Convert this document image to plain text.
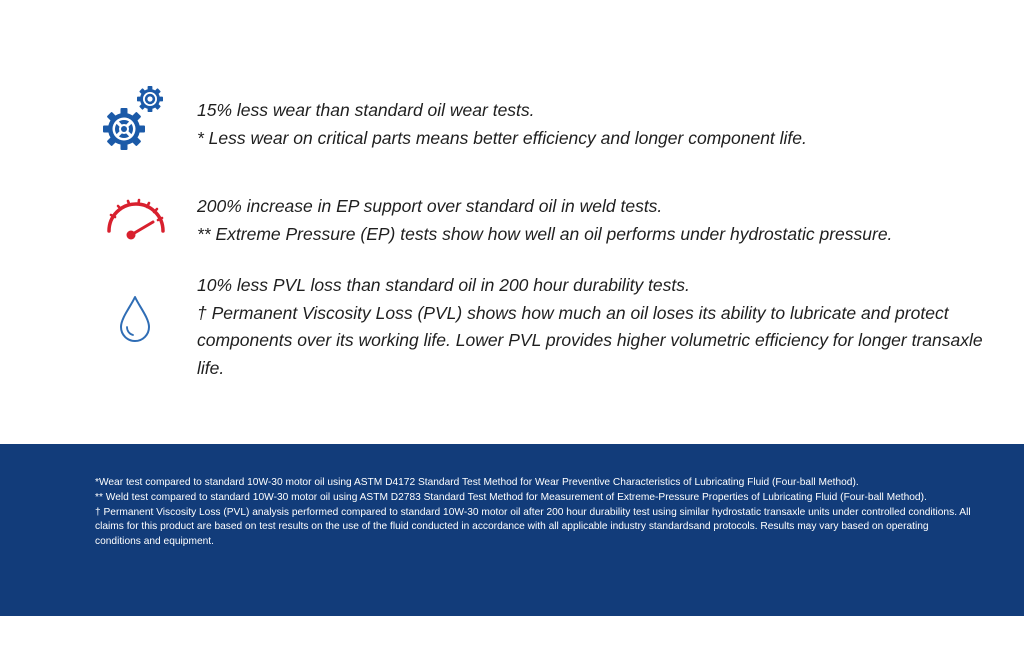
15% less wear than standard oil wear tests.
* Less wear on critical parts means better efficiency and longer component life.
200% increase in EP support over standard oil in weld tests.
** Extreme Pressure (EP) tests show how well an oil performs under hydrostatic pressure.
10% less PVL loss than standard oil in 200 hour durability tests.
† Permanent Viscosity Loss (PVL) shows how much an oil loses its ability to lubricate and protect components over its working life. Lower PVL provides higher volumetric efficiency for longer transaxle life.

*Wear test compared to standard 10W-30 motor oil using ASTM D4172 Standard Test Method for Wear Preventive Characteristics of Lubricating Fluid (Four-ball Method).

** Weld test compared to standard 10W-30 motor oil using ASTM D2783 Standard Test Method for Measurement of Extreme-Pressure Properties of Lubricating Fluid (Four-ball Method).

† Permanent Viscosity Loss (PVL) analysis performed compared to standard 10W-30 motor oil after 200 hour durability test using similar hydrostatic transaxle units under controlled conditions. All claims for this product are based on test results on the use of the fluid conducted in accordance with all applicable industry standardsand protocols. Results may vary based on operating conditions and equipment.
